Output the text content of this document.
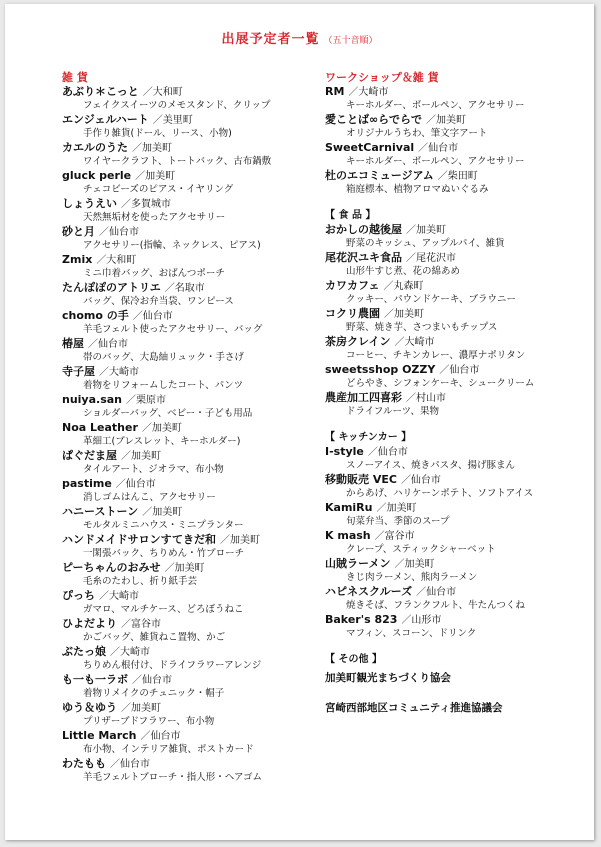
出展予定者一覧 （五十音順）
雑 貨
あぶり＊こっと ／大和町
フェイクスイーツのメモスタンド、クリップ
エンジェルハート ／美里町
手作り雑貨(ドール、リース、小物)
カエルのうた ／加美町
ワイヤークラフト、トートバック、古布鍋敷
gluck perle ／加美町
チェコビーズのピアス・イヤリング
しょうえい ／多賀城市
天然無垢材を使ったアクセサリー
砂と月 ／仙台市
アクセサリー(指輪、ネックレス、ピアス)
Zmix ／大和町
ミニ巾着バッグ、おばんつポーチ
たんぽぽのアトリエ ／名取市
バッグ、保冷お弁当袋、ワンピース
chomo の手 ／仙台市
羊毛フェルト使ったアクセサリー、バッグ
椿屋 ／仙台市
帯のバッグ、大島紬リュック・手さげ
寺子屋 ／大崎市
着物をリフォームしたコート、パンツ
nuiya.san ／栗原市
ショルダーバッグ、ベビー・子ども用品
Noa Leather ／加美町
革細工(ブレスレット、キーホルダー)
ぱぐだま屋 ／加美町
タイルアート、ジオラマ、布小物
pastime ／仙台市
消しゴムはんこ、アクセサリー
ハニーストーン ／加美町
モルタルミニハウス・ミニプランター
ハンドメイドサロンすてきだ和 ／加美町
一閑張バック、ちりめん・竹ブローチ
ピーちゃんのおみせ ／加美町
毛糸のたわし、折り紙手芸
ぴっち ／大崎市
ガマロ、マルチケース、どろぼうねこ
ひよだより ／富谷市
かごバッグ、雑貨ねこ置物、かご
ぶたっ娘 ／大崎市
ちりめん根付け、ドライフラワーアレンジ
も一も一ラボ ／仙台市
着物リメイクのチュニック・帽子
ゆう＆ゆう ／加美町
プリザーブドフラワー、布小物
Little March ／仙台市
布小物、インテリア雑貨、ポストカード
わたもも ／仙台市
羊毛フェルトブローチ・指人形・ヘアゴム
ワークショップ＆雑 貨
RM ／大崎市
キーホルダー、ボールペン、アクセサリー
愛ことば∞らでらで ／加美町
オリジナルうちわ、筆文字アート
SweetCarnival ／仙台市
キーホルダー、ボールペン、アクセサリー
杜のエコミュージアム ／柴田町
箱庭標本、植物アロマぬいぐるみ
【 食 品 】
おかしの越後屋 ／加美町
野菜のキッシュ、アップルパイ、雑貨
尾花沢ユキ食品 ／尾花沢市
山形牛すじ煮、花の綿あめ
カワカフェ ／丸森町
クッキー、パウンドケーキ、ブラウニー
コクリ農園 ／加美町
野菜、焼き芋、さつまいもチップス
茶房クレイン ／大崎市
コーヒー、チキンカレー、濃厚ナポリタン
sweetsshop OZZY ／仙台市
どらやき、シフォンケーキ、シュークリーム
農産加工四喜彩 ／村山市
ドライフルーツ、果物
【 キッチンカー 】
I-style ／仙台市
スノーアイス、焼きパスタ、揚げ豚まん
移動販売 VEC ／仙台市
からあげ、ハリケーンポテト、ソフトアイス
KamiRu ／加美町
旬菜弁当、季節のスープ
K mash ／富谷市
クレープ、スティックシャーベット
山賊ラーメン ／加美町
きじ肉ラーメン、熊肉ラーメン
ハピネスクルーズ ／仙台市
焼きそば、フランクフルト、牛たんつくね
Baker's 823 ／山形市
マフィン、スコーン、ドリンク
【 その他 】
加美町観光まちづくり協会
宮崎西部地区コミュニティ推進協議会
